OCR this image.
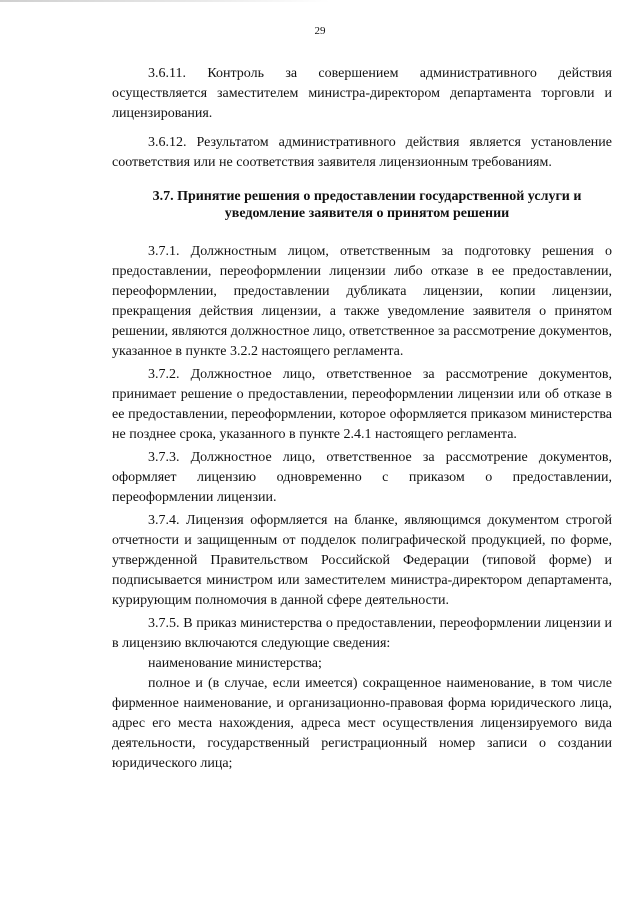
29

3.6.11. Контроль за совершением административного действия осуществляется заместителем министра-директором департамента торговли и лицензирования.

3.6.12. Результатом административного действия является установление соответствия или не соответствия заявителя лицензионным требованиям.

3.7. Принятие решения о предоставлении государственной услуги и уведомление заявителя о принятом решении

3.7.1. Должностным лицом, ответственным за подготовку решения о предоставлении, переоформлении лицензии либо отказе в ее предоставлении, переоформлении, предоставлении дубликата лицензии, копии лицензии, прекращения действия лицензии, а также уведомление заявителя о принятом решении, являются должностное лицо, ответственное за рассмотрение документов, указанное в пункте 3.2.2 настоящего регламента.

3.7.2. Должностное лицо, ответственное за рассмотрение документов, принимает решение о предоставлении, переоформлении лицензии или об отказе в ее предоставлении, переоформлении, которое оформляется приказом министерства не позднее срока, указанного в пункте 2.4.1 настоящего регламента.

3.7.3. Должностное лицо, ответственное за рассмотрение документов, оформляет лицензию одновременно с приказом о предоставлении, переоформлении лицензии.

3.7.4. Лицензия оформляется на бланке, являющимся документом строгой отчетности и защищенным от подделок полиграфической продукцией, по форме, утвержденной Правительством Российской Федерации (типовой форме) и подписывается министром или заместителем министра-директором департамента, курирующим полномочия в данной сфере деятельности.

3.7.5. В приказ министерства о предоставлении, переоформлении лицензии и в лицензию включаются следующие сведения:

наименование министерства;

полное и (в случае, если имеется) сокращенное наименование, в том числе фирменное наименование, и организационно-правовая форма юридического лица, адрес его места нахождения, адреса мест осуществления лицензируемого вида деятельности, государственный регистрационный номер записи о создании юридического лица;
